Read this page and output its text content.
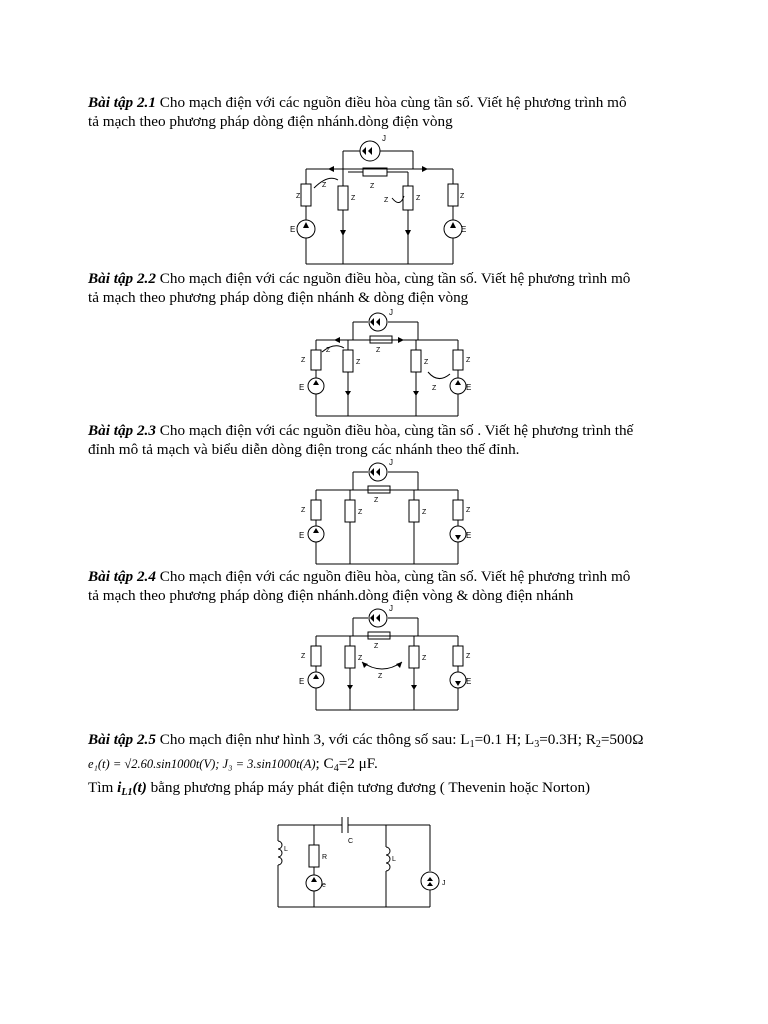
Bài tập 2.1 Cho mạch điện với các nguồn điều hòa cùng tần số. Viết hệ phương trình mô
tả mạch theo phương pháp dòng điện nhánh.dòng điện vòng
Z	Z
Z
Z	Z
Z
Z
J
E	E
Bài tập 2.2 Cho mạch điện với các nguồn điều hòa, cùng tần số. Viết hệ phương trình mô
tả mạch theo phương pháp dòng điện nhánh & dòng điện vòng
Z	Z
Z
Z	Z
Z
Z
J
E	E
Bài tập 2.3 Cho mạch điện với các nguồn điều hòa, cùng tần số . Viết hệ phương trình thế
đỉnh mô tả mạch và biểu diễn dòng điện trong các nhánh theo thế đỉnh.
Z	Z
Z
Z	Z
J
E	E
Bài tập 2.4 Cho mạch điện với các nguồn điều hòa, cùng tần số. Viết hệ phương trình mô
tả mạch theo phương pháp dòng điện nhánh.dòng điện vòng & dòng điện nhánh
Z	Z
Z
Z	Z
Z
J
E	E
Bài tập 2.5 Cho mạch điện như hình 3, với các thông số sau: $L_1=0.1$ H; $L_3=0.3H$; $R_2=500\Omega$
e₁(t) = √2.60.sin1000t(V); J₃ = 3.sin1000t(A); $C_4=2$ μF.
Tìm $i_{L1}(t)$ bằng phương pháp máy phát điện tương đương ( Thevenin hoặc Norton)
L
R
e
C
L
J
